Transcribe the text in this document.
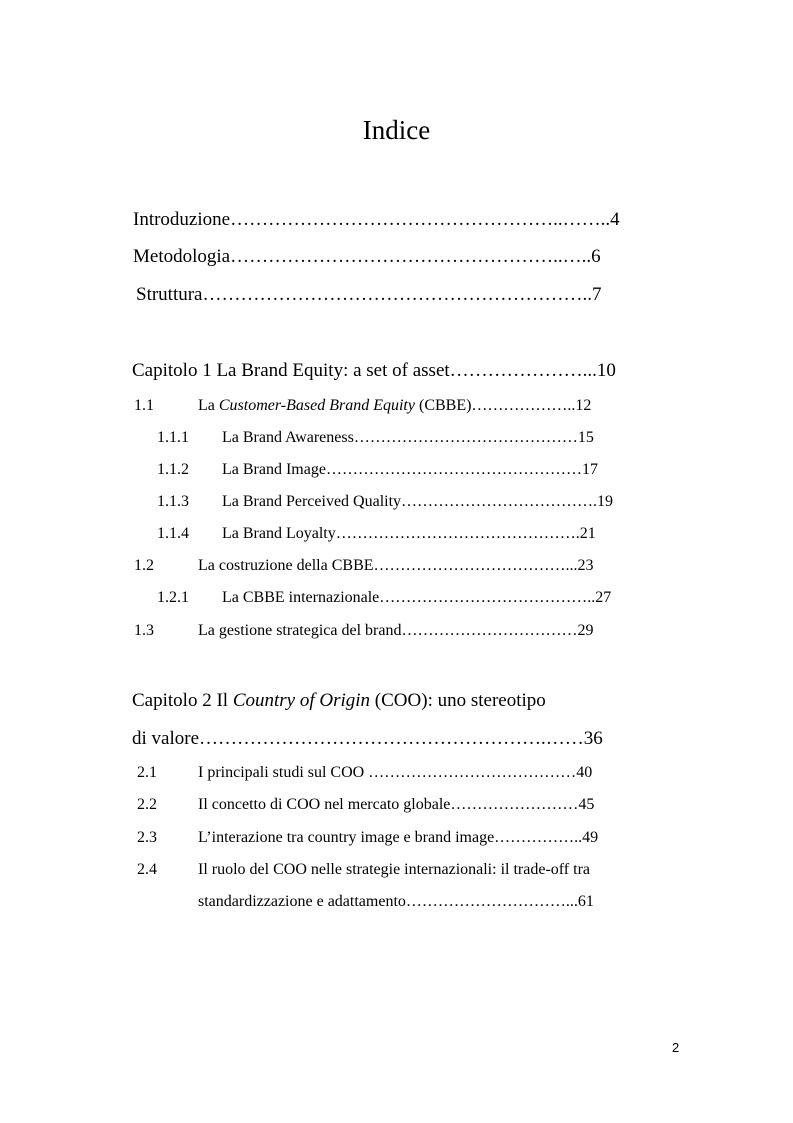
Indice
Introduzione……………………………………………..……..4
Metodologia……………………………………………..…..6
Struttura……………………………………………………..7
Capitolo 1 La Brand Equity: a set of asset…………………...10
1.1	La Customer-Based Brand Equity (CBBE)………………..12
1.1.1 La Brand Awareness……………………………………15
1.1.2 La Brand Image…………………………………………17
1.1.3 La Brand Perceived Quality……………………………….19
1.1.4 La Brand Loyalty……………………………………….21
1.2	La costruzione della CBBE………………………………...23
1.2.1 La CBBE internazionale…………………………………..27
1.3	La gestione strategica del brand……………………………29
Capitolo 2 Il Country of Origin (COO): uno stereotipo
di valore……………………………………………….……36
2.1	I principali studi sul COO …………………………………40
2.2	Il concetto di COO nel mercato globale……………………45
2.3	L’interazione tra country image e brand image……………..49
2.4	Il ruolo del COO nelle strategie internazionali: il trade-off tra
standardizzazione e adattamento…………………………...61
2
